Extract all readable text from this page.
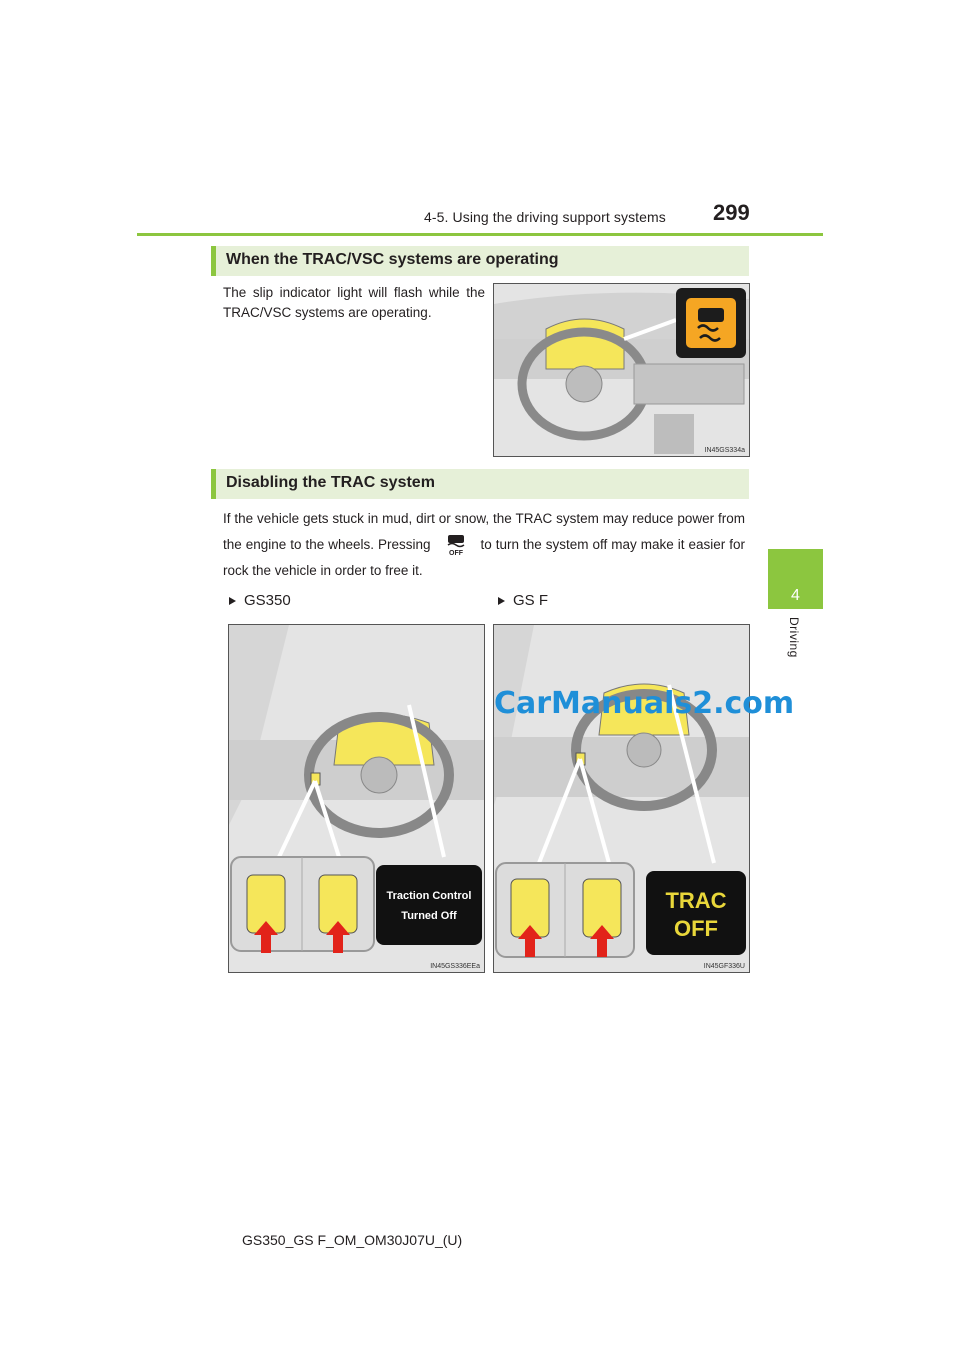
4-5. Using the driving support systems 299
4
Driving
When the TRAC/VSC systems are operating
The slip indicator light will flash while the TRAC/VSC systems are operating.
IN45GS334a
Disabling the TRAC system
If the vehicle gets stuck in mud, dirt or snow, the TRAC system may reduce power from the engine to the wheels. Pressing
OFF
to turn the system off may make it easier for rock the vehicle in order to free it.
GS350	GS F
Traction Control
Turned Off
IN45GS336EEa
TRAC
OFF
IN45GF336U
CarManuals2.com
GS350_GS F_OM_OM30J07U_(U)
